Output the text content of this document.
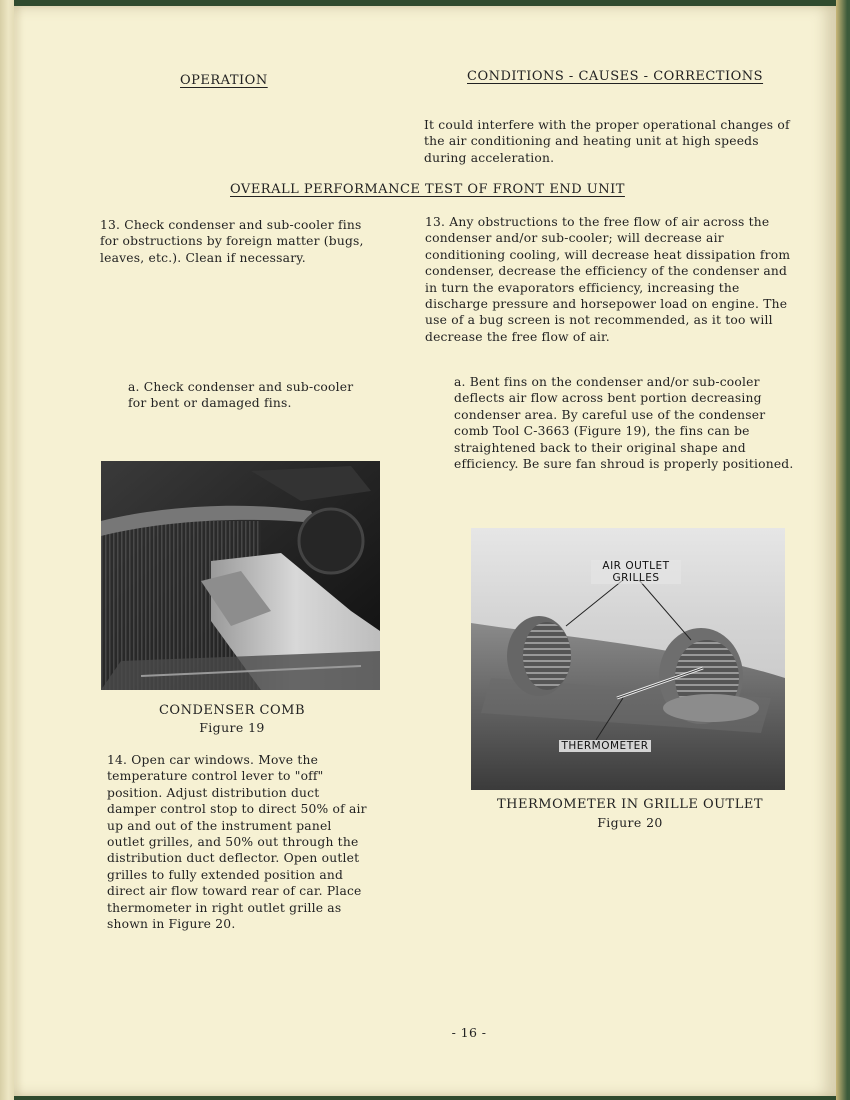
OPERATION	CONDITIONS - CAUSES - CORRECTIONS

It could interfere with the proper operational changes of the air conditioning and heating unit at high speeds during acceleration.

OVERALL PERFORMANCE TEST OF FRONT END UNIT

13. Check condenser and sub-cooler fins for obstructions by foreign matter (bugs, leaves, etc.). Clean if necessary.

13. Any obstructions to the free flow of air across the condenser and/or sub-cooler; will decrease air conditioning cooling, will decrease heat dissipation from condenser, decrease the efficiency of the condenser and in turn the evaporators efficiency, increasing the discharge pressure and horsepower load on engine. The use of a bug screen is not recommended, as it too will decrease the free flow of air.

a. Check condenser and sub-cooler for bent or damaged fins.

a. Bent fins on the condenser and/or sub-cooler deflects air flow across bent portion decreasing condenser area. By careful use of the condenser comb Tool C-3663 (Figure 19), the fins can be straightened back to their original shape and efficiency. Be sure fan shroud is properly positioned.

CONDENSER COMB
Figure 19

14. Open car windows. Move the temperature control lever to "off" position. Adjust distribution duct damper control stop to direct 50% of air up and out of the instrument panel outlet grilles, and 50% out through the distribution duct deflector. Open outlet grilles to fully extended position and direct air flow toward rear of car. Place thermometer in right outlet grille as shown in Figure 20.

AIR OUTLET
GRILLES
THERMOMETER
THERMOMETER IN GRILLE OUTLET
Figure 20
- 16 -
